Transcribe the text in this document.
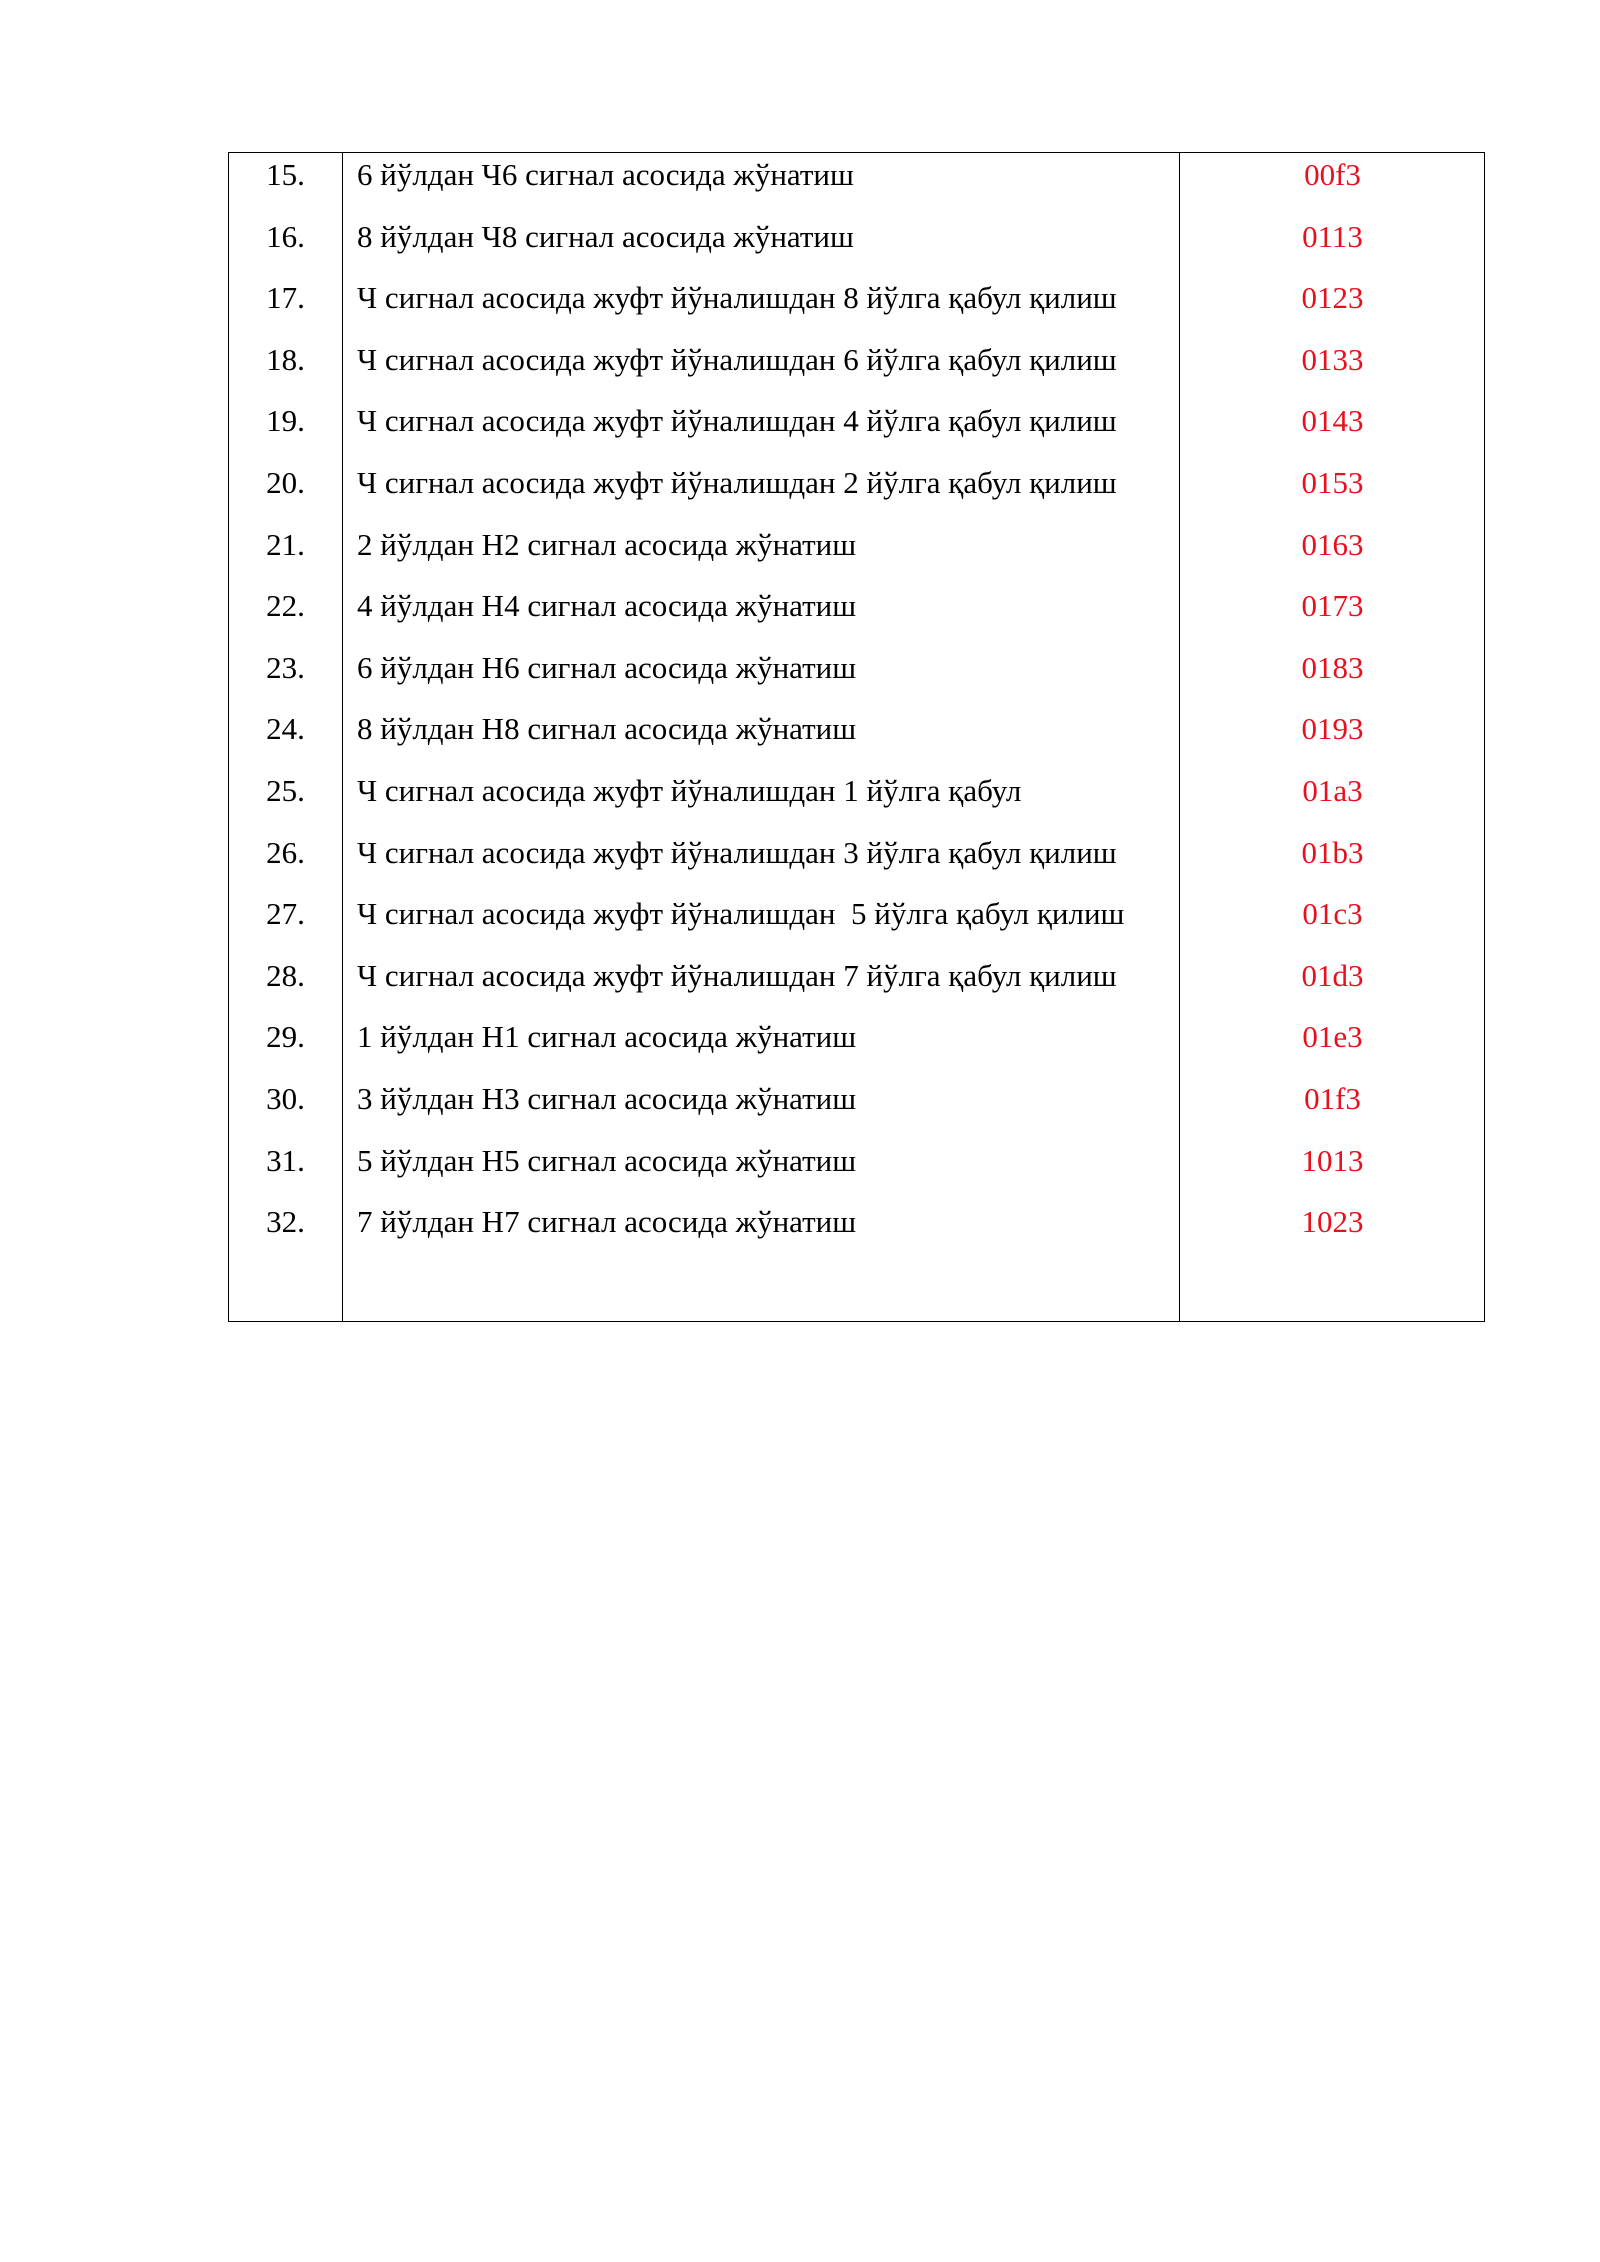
15.	6 йўлдан Ч6 сигнал асосида жўнатиш	00f3
16.	8 йўлдан Ч8 сигнал асосида жўнатиш	0113
17.	Ч сигнал асосида жуфт йўналишдан 8 йўлга қабул қилиш	0123
18.	Ч сигнал асосида жуфт йўналишдан 6 йўлга қабул қилиш	0133
19.	Ч сигнал асосида жуфт йўналишдан 4 йўлга қабул қилиш	0143
20.	Ч сигнал асосида жуфт йўналишдан 2 йўлга қабул қилиш	0153
21.	2 йўлдан Н2 сигнал асосида жўнатиш	0163
22.	4 йўлдан Н4 сигнал асосида жўнатиш	0173
23.	6 йўлдан Н6 сигнал асосида жўнатиш	0183
24.	8 йўлдан Н8 сигнал асосида жўнатиш	0193
25.	Ч сигнал асосида жуфт йўналишдан 1 йўлга қабул	01a3
26.	Ч сигнал асосида жуфт йўналишдан 3 йўлга қабул қилиш	01b3
27.	Ч сигнал асосида жуфт йўналишдан  5 йўлга қабул қилиш	01c3
28.	Ч сигнал асосида жуфт йўналишдан 7 йўлга қабул қилиш	01d3
29.	1 йўлдан Н1 сигнал асосида жўнатиш	01e3
30.	3 йўлдан Н3 сигнал асосида жўнатиш	01f3
31.	5 йўлдан Н5 сигнал асосида жўнатиш	1013
32.	7 йўлдан Н7 сигнал асосида жўнатиш	1023
